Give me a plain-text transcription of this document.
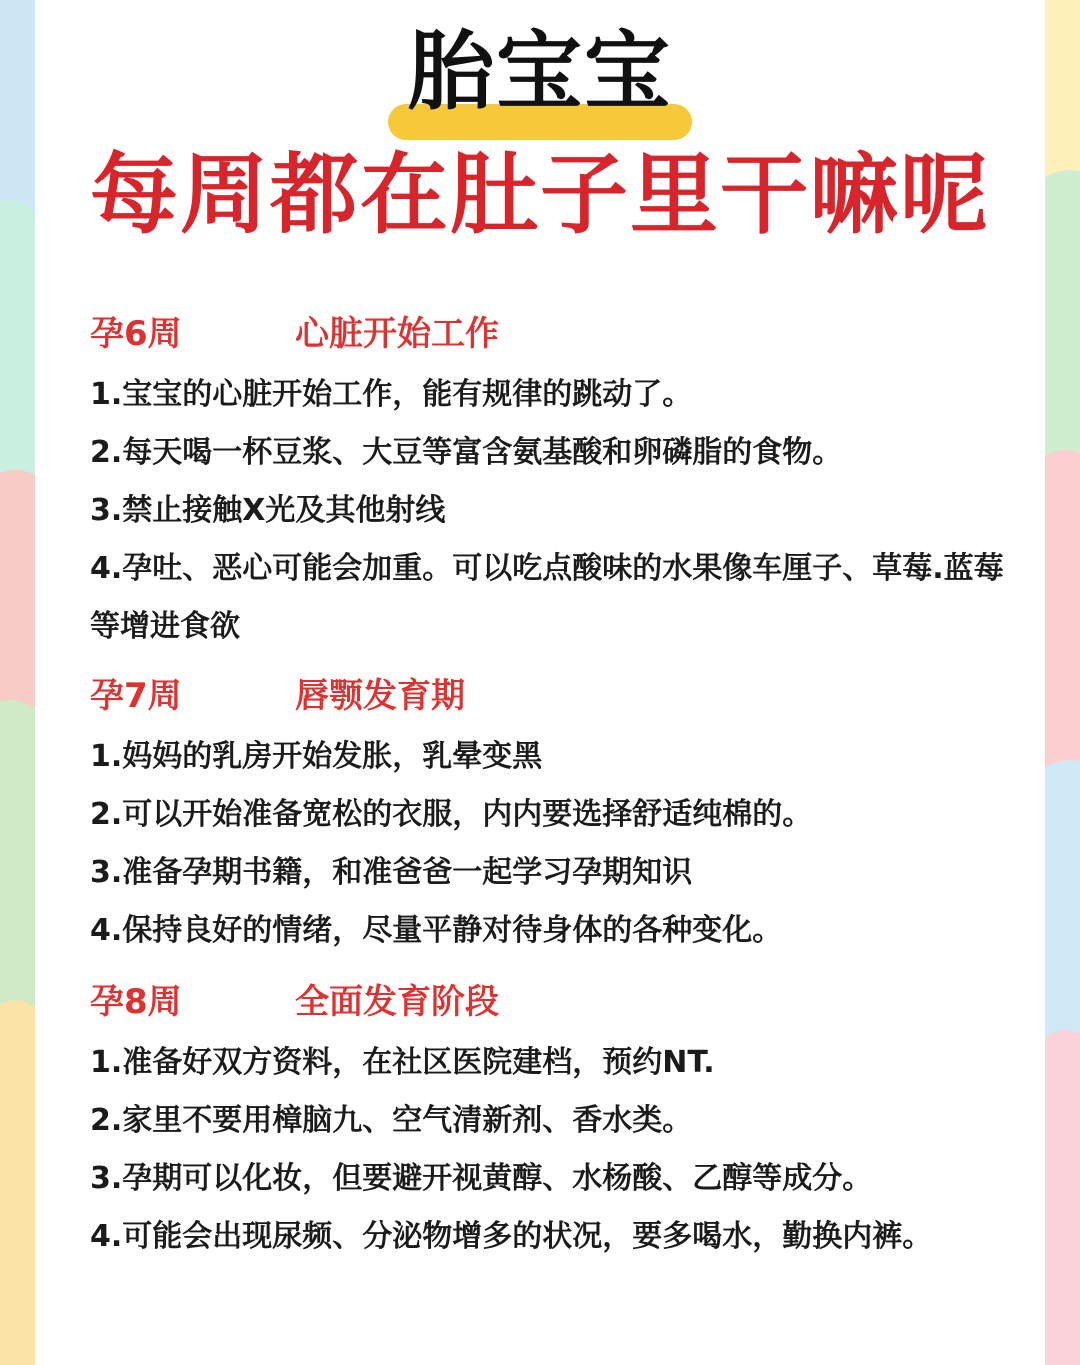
胎宝宝
每周都在肚子里干嘛呢
孕6周	心脏开始工作

1.宝宝的心脏开始工作，能有规律的跳动了。

2.每天喝一杯豆浆、大豆等富含氨基酸和卵磷脂的食物。

3.禁止接触X光及其他射线

4.孕吐、恶心可能会加重。可以吃点酸味的水果像车厘子、草莓.蓝莓等增进食欲

孕7周	唇颚发育期

1.妈妈的乳房开始发胀，乳晕变黑

2.可以开始准备宽松的衣服，内内要选择舒适纯棉的。

3.准备孕期书籍，和准爸爸一起学习孕期知识

4.保持良好的情绪，尽量平静对待身体的各种变化。

孕8周	全面发育阶段

1.准备好双方资料，在社区医院建档，预约NT.

2.家里不要用樟脑九、空气清新剂、香水类。

3.孕期可以化妆，但要避开视黄醇、水杨酸、乙醇等成分。

4.可能会出现尿频、分泌物增多的状况，要多喝水，勤换内裤。
